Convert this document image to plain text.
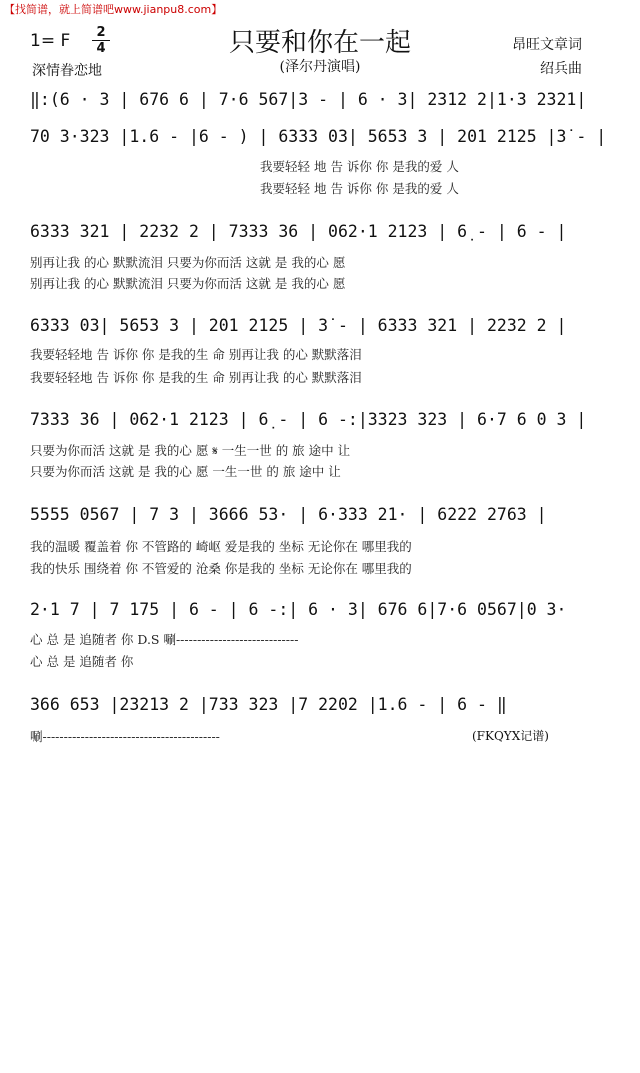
【找简谱，就上简谱吧www.jianpu8.com】
1= F	2
4	只要和你在一起	昂旺文章词
(泽尔丹演唱)
深情眷恋地	绍兵曲
‖:(6 · 3 | 676 6 | 7·6 567|3 - | 6 · 3| 2312 2|1·3 2321|
70 3·323 |1.6 - |6 - ) | 6333 03| 5653 3 | 201 2125 |3̇ - |
我要轻轻 地 告 诉你 你 是我的爱 人
我要轻轻 地 告 诉你 你 是我的爱 人
6333 321 | 2232 2 | 7333 36 | 062·1 2123 | 6̣ - | 6 - |
别再让我 的心 默默流泪 只要为你而活 这就 是 我的心 愿
别再让我 的心 默默流泪 只要为你而活 这就 是 我的心 愿
6333 03| 5653 3 | 201 2125 | 3̇ - | 6333 321 | 2232 2 |
我要轻轻地 告 诉你 你 是我的生 命 别再让我 的心 默默落泪
我要轻轻地 告 诉你 你 是我的生 命 别再让我 的心 默默落泪
7333 36 | 062·1 2123 | 6̣ - | 6 -:|3323 323 | 6·7 6 0 3 |
只要为你而活 这就 是 我的心 愿 𝄋 一生一世 的 旅 途中 让
只要为你而活 这就 是 我的心 愿 一生一世 的 旅 途中 让
5555 0567 | 7 3 | 3666 53· | 6·333 21· | 6222 2763 |
我的温暖 覆盖着 你 不管路的 崎岖 爱是我的 坐标 无论你在 哪里我的
我的快乐 围绕着 你 不管爱的 沧桑 你是我的 坐标 无论你在 哪里我的
2·1 7 | 7 175 | 6 - | 6 -:| 6 · 3| 676 6|7·6 0567|0 3·
心 总 是 追随者 你 D.S 唰-----------------------------
心 总 是 追随者 你
366 653 |23213 2 |733 323 |7 2202 |1.6 - | 6 - ‖
唰------------------------------------------	(FKQYX记谱)
